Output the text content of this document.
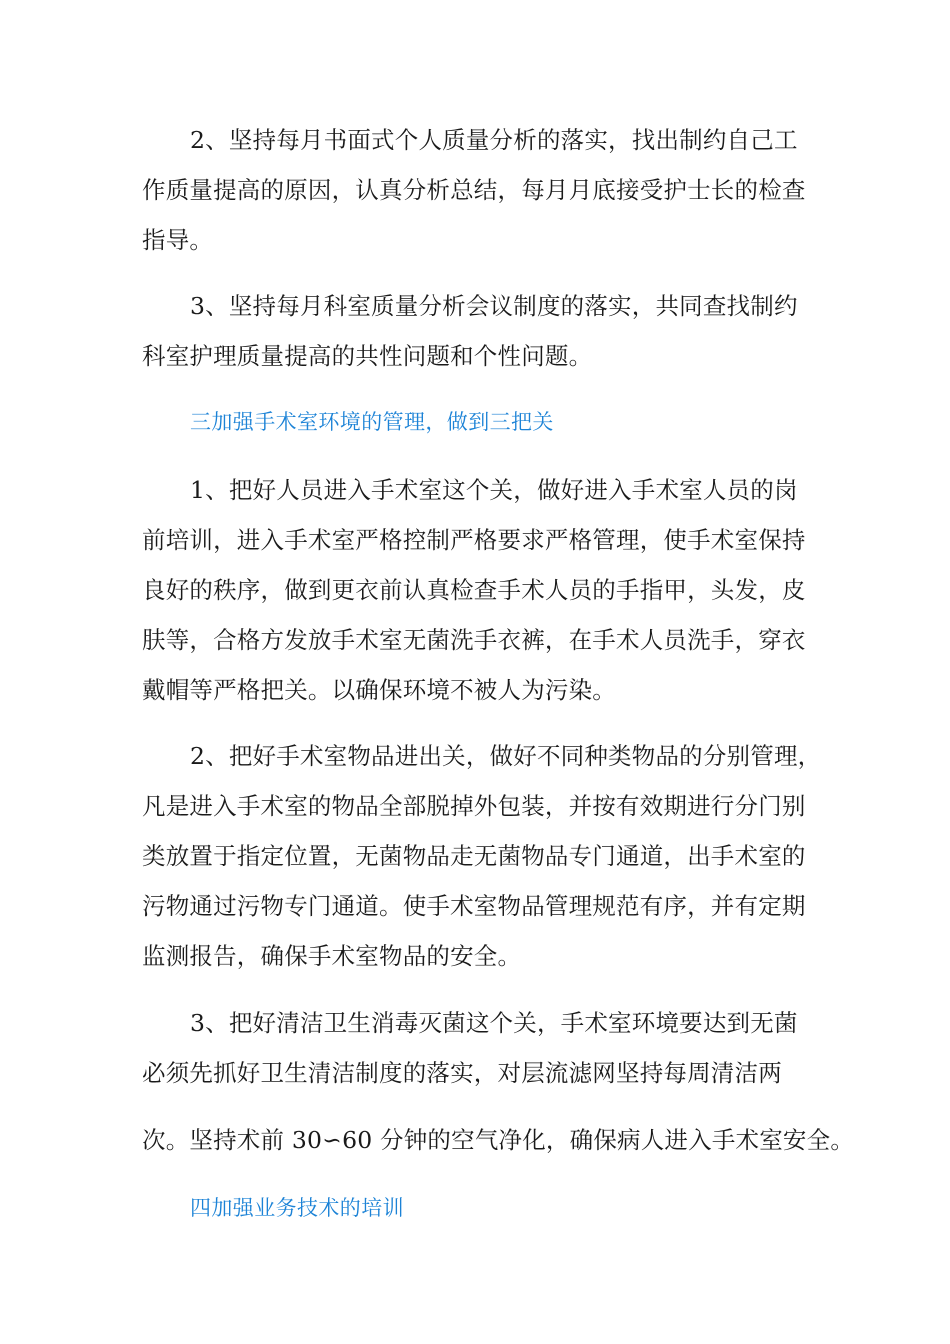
2、坚持每月书面式个人质量分析的落实，找出制约自己工
作质量提高的原因，认真分析总结，每月月底接受护士长的检查
指导。
3、坚持每月科室质量分析会议制度的落实，共同查找制约
科室护理质量提高的共性问题和个性问题。
三加强手术室环境的管理，做到三把关
1、把好人员进入手术室这个关，做好进入手术室人员的岗
前培训，进入手术室严格控制严格要求严格管理，使手术室保持
良好的秩序，做到更衣前认真检查手术人员的手指甲，头发，皮
肤等，合格方发放手术室无菌洗手衣裤，在手术人员洗手，穿衣
戴帽等严格把关。以确保环境不被人为污染。
2、把好手术室物品进出关，做好不同种类物品的分别管理，
凡是进入手术室的物品全部脱掉外包装，并按有效期进行分门别
类放置于指定位置，无菌物品走无菌物品专门通道，出手术室的
污物通过污物专门通道。使手术室物品管理规范有序，并有定期
监测报告，确保手术室物品的安全。
3、把好清洁卫生消毒灭菌这个关，手术室环境要达到无菌
必须先抓好卫生清洁制度的落实，对层流滤网坚持每周清洁两
次。坚持术前 30∽60 分钟的空气净化，确保病人进入手术室安全。
四加强业务技术的培训
